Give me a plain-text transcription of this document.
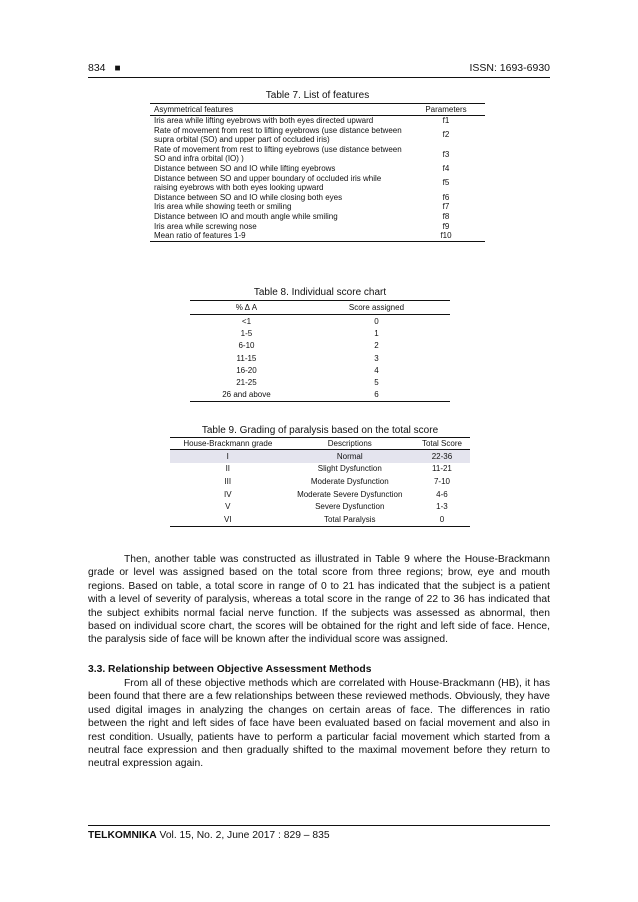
834 ■	ISSN: 1693-6930
Table 7. List of features
Asymmetrical features	Parameters
Iris area while lifting eyebrows with both eyes directed upward	f1
Rate of movement from rest to lifting eyebrows (use distance between supra orbital (SO) and upper part of occluded iris)	f2
Rate of movement from rest to lifting eyebrows (use distance between SO and infra orbital (IO) )	f3
Distance between SO and IO while lifting eyebrows	f4
Distance between SO and upper boundary of occluded iris while raising eyebrows with both eyes looking upward	f5
Distance between SO and IO while closing both eyes	f6
Iris area while showing teeth or smiling	f7
Distance between IO and mouth angle while smiling	f8
Iris area while screwing nose	f9
Mean ratio of features 1-9	f10
Table 8. Individual score chart
% Δ A	Score assigned
<1	0
1-5	1
6-10	2
11-15	3
16-20	4
21-25	5
26 and above	6
Table 9. Grading of paralysis based on the total score
House-Brackmann grade	Descriptions	Total Score
I	Normal	22-36
II	Slight Dysfunction	11-21
III	Moderate Dysfunction	7-10
IV	Moderate Severe Dysfunction	4-6
V	Severe Dysfunction	1-3
VI	Total Paralysis	0

Then, another table was constructed as illustrated in Table 9 where the House-Brackmann grade or level was assigned based on the total score from three regions; brow, eye and mouth regions. Based on table, a total score in range of 0 to 21 has indicated that the subject is a patient with a level of severity of paralysis, whereas a total score in the range of 22 to 36 has indicated that the subject exhibits normal facial nerve function. If the subjects was assessed as abnormal, then based on individual score chart, the scores will be obtained for the right and left side of face. Hence, the paralysis side of face will be known after the individual score was assigned.

3.3. Relationship between Objective Assessment Methods

From all of these objective methods which are correlated with House-Brackmann (HB), it has been found that there are a few relationships between these reviewed methods. Obviously, they have used digital images in analyzing the changes on certain areas of face. The differences in ratio between the right and left sides of face have been evaluated based on facial movement and also in rest condition. Usually, patients have to perform a particular facial movement which started from a neutral face expression and then gradually shifted to the maximal movement before they return to neutral expression again.

TELKOMNIKA Vol. 15, No. 2, June 2017 : 829 – 835
